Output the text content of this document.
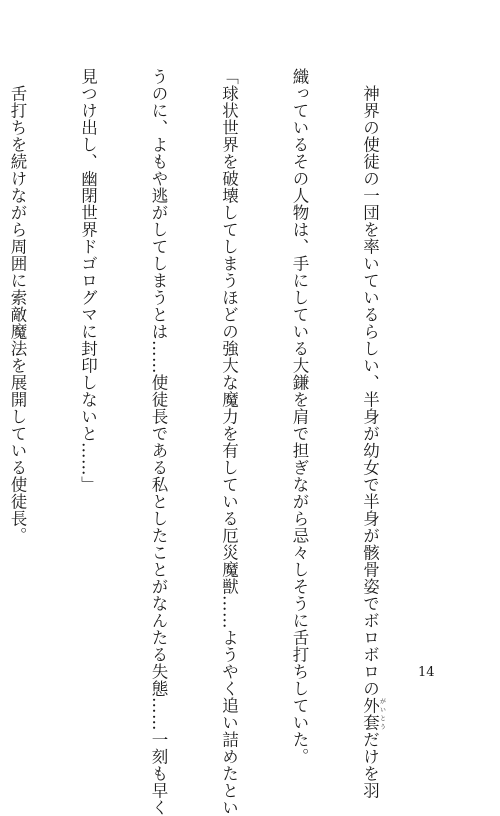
　神界の使徒の一団を率いているらしい、半身が幼女で半身が骸骨姿でボロボロの外套 がいとうだけを羽

織っているその人物は、手にしている大鎌を肩で担ぎながら忌々しそうに舌打ちしていた。

「球状世界を破壊してしまうほどの強大な魔力を有している厄災魔獣……ようやく追い詰めたとい

うのに、よもや逃がしてしまうとは……使徒長である私としたことがなんたる失態……一刻も早く

見つけ出し、幽閉世界ドゴログマに封印しないと……」

　舌打ちを続けながら周囲に索敵魔法を展開している使徒長。

14
